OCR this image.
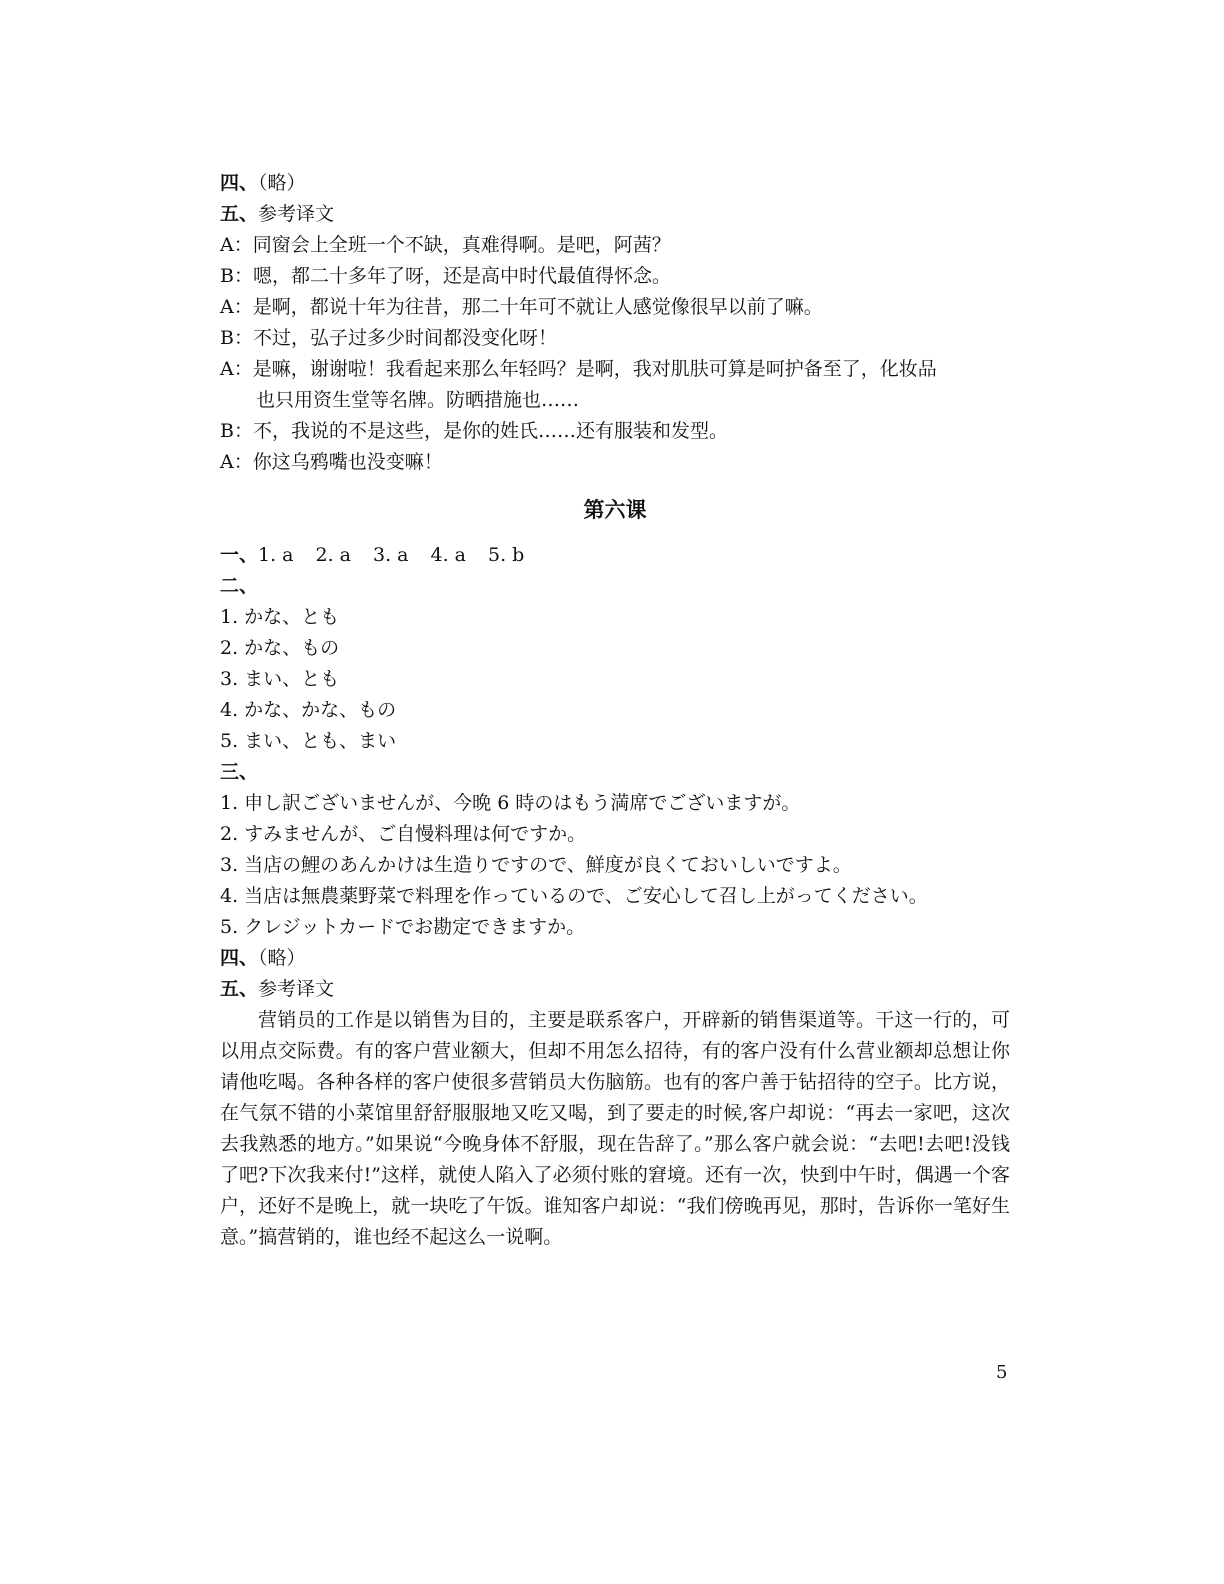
四、（略）
五、参考译文
A：同窗会上全班一个不缺，真难得啊。是吧，阿茜？
B：嗯，都二十多年了呀，还是高中时代最值得怀念。
A：是啊，都说十年为往昔，那二十年可不就让人感觉像很早以前了嘛。
B：不过，弘子过多少时间都没变化呀！
A：是嘛，谢谢啦！我看起来那么年轻吗？是啊，我对肌肤可算是呵护备至了，化妆品
也只用资生堂等名牌。防晒措施也……
B：不，我说的不是这些，是你的姓氏……还有服装和发型。
A：你这乌鸦嘴也没变嘛！
第六课
一、1. a 2. a 3. a 4. a 5. b
二、
1. かな、とも
2. かな、もの
3. まい、とも
4. かな、かな、もの
5. まい、とも、まい
三、
1. 申し訳ございませんが、今晩 6 時のはもう満席でございますが。
2. すみませんが、ご自慢料理は何ですか。
3. 当店の鯉のあんかけは生造りですので、鮮度が良くておいしいですよ。
4. 当店は無農薬野菜で料理を作っているので、ご安心して召し上がってください。
5. クレジットカードでお勘定できますか。
四、（略）
五、参考译文
营销员的工作是以销售为目的，主要是联系客户，开辟新的销售渠道等。干这一行的，可以用点交际费。有的客户营业额大，但却不用怎么招待，有的客户没有什么营业额却总想让你请他吃喝。各种各样的客户使很多营销员大伤脑筋。也有的客户善于钻招待的空子。比方说，在气氛不错的小菜馆里舒舒服服地又吃又喝，到了要走的时候,客户却说：“再去一家吧，这次去我熟悉的地方。”如果说“今晚身体不舒服，现在告辞了。”那么客户就会说：“去吧!去吧!没钱了吧?下次我来付!”这样，就使人陷入了必须付账的窘境。还有一次，快到中午时，偶遇一个客户，还好不是晚上，就一块吃了午饭。谁知客户却说：“我们傍晚再见，那时，告诉你一笔好生意。”搞营销的，谁也经不起这么一说啊。
5
